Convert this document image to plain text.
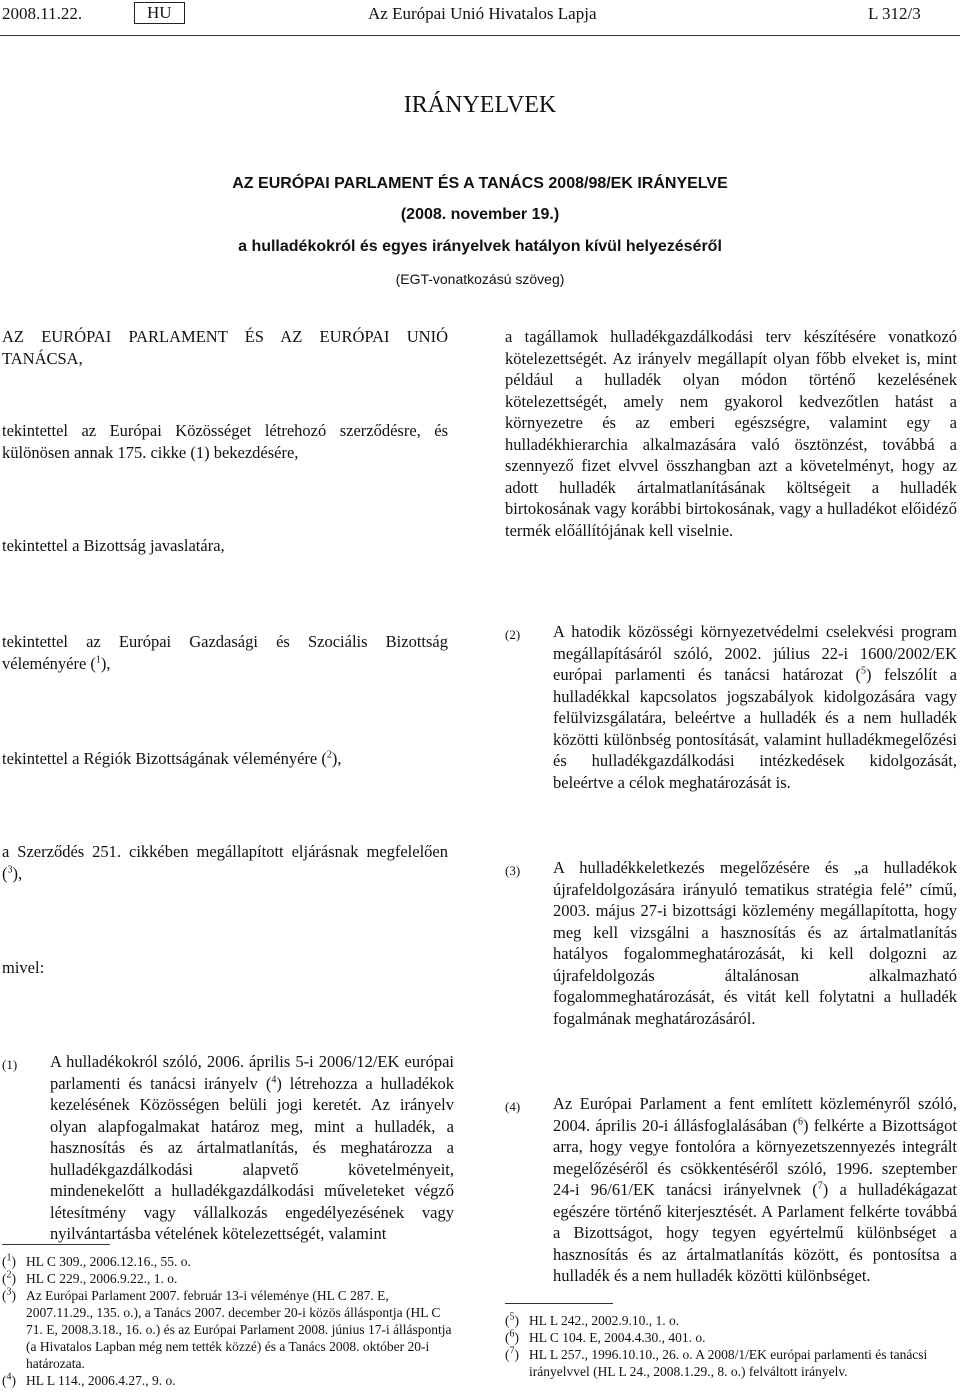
2008.11.22.	HU	Az Európai Unió Hivatalos Lapja	L 312/3
IRÁNYELVEK
AZ EURÓPAI PARLAMENT ÉS A TANÁCS 2008/98/EK IRÁNYELVE
(2008. november 19.)
a hulladékokról és egyes irányelvek hatályon kívül helyezéséről
(EGT-vonatkozású szöveg)
AZ EURÓPAI PARLAMENT ÉS AZ EURÓPAI UNIÓ TANÁCSA,
tekintettel az Európai Közösséget létrehozó szerződésre, és különösen annak 175. cikke (1) bekezdésére,
tekintettel a Bizottság javaslatára,
tekintettel az Európai Gazdasági és Szociális Bizottság véleményére ($^1$),
tekintettel a Régiók Bizottságának véleményére ($^2$),
a Szerződés 251. cikkében megállapított eljárásnak megfelelően ($^3$),
mivel:
(1) A hulladékokról szóló, 2006. április 5-i 2006/12/EK európai parlamenti és tanácsi irányelv ($^4$) létrehozza a hulladékok kezelésének Közösségen belüli jogi keretét. Az irányelv olyan alapfogalmakat határoz meg, mint a hulladék, a hasznosítás és az ártalmatlanítás, és meghatározza a hulladékgazdálkodási alapvető követelményeit, mindenekelőtt a hulladékgazdálkodási műveleteket végző létesítmény vagy vállalkozás engedélyezésének vagy nyilvántartásba vételének kötelezettségét, valamint
($^1$) HL C 309., 2006.12.16., 55. o.
($^2$) HL C 229., 2006.9.22., 1. o.
($^3$) Az Európai Parlament 2007. február 13-i véleménye (HL C 287. E, 2007.11.29., 135. o.), a Tanács 2007. december 20-i közös álláspontja (HL C 71. E, 2008.3.18., 16. o.) és az Európai Parlament 2008. június 17-i álláspontja (a Hivatalos Lapban még nem tették közzé) és a Tanács 2008. október 20-i határozata.
($^4$) HL L 114., 2006.4.27., 9. o.
a tagállamok hulladékgazdálkodási terv készítésére vonatkozó kötelezettségét. Az irányelv megállapít olyan főbb elveket is, mint például a hulladék olyan módon történő kezelésének kötelezettségét, amely nem gyakorol kedvezőtlen hatást a környezetre és az emberi egészségre, valamint egy a hulladékhierarchia alkalmazására való ösztönzést, továbbá a szennyező fizet elvvel összhangban azt a követelményt, hogy az adott hulladék ártalmatlanításának költségeit a hulladék birtokosának vagy korábbi birtokosának, vagy a hulladékot előidéző termék előállítójának kell viselnie.
(2) A hatodik közösségi környezetvédelmi cselekvési program megállapításáról szóló, 2002. július 22-i 1600/2002/EK európai parlamenti és tanácsi határozat ($^5$) felszólít a hulladékkal kapcsolatos jogszabályok kidolgozására vagy felülvizsgálatára, beleértve a hulladék és a nem hulladék közötti különbség pontosítását, valamint hulladékmegelőzési és hulladékgazdálkodási intézkedések kidolgozását, beleértve a célok meghatározását is.
(3) A hulladékkeletkezés megelőzésére és „a hulladékok újrafeldolgozására irányuló tematikus stratégia felé” című, 2003. május 27-i bizottsági közlemény megállapította, hogy meg kell vizsgálni a hasznosítás és az ártalmatlanítás hatályos fogalommeghatározását, ki kell dolgozni az újrafeldolgozás általánosan alkalmazható fogalommeghatározását, és vitát kell folytatni a hulladék fogalmának meghatározásáról.
(4) Az Európai Parlament a fent említett közleményről szóló, 2004. április 20-i állásfoglalásában ($^6$) felkérte a Bizottságot arra, hogy vegye fontolóra a környezetszennyezés integrált megelőzéséről és csökkentéséről szóló, 1996. szeptember 24-i 96/61/EK tanácsi irányelvnek ($^7$) a hulladékágazat egészére történő kiterjesztését. A Parlament felkérte továbbá a Bizottságot, hogy tegyen egyértelmű különbséget a hasznosítás és az ártalmatlanítás között, és pontosítsa a hulladék és a nem hulladék közötti különbséget.
($^5$) HL L 242., 2002.9.10., 1. o.
($^6$) HL C 104. E, 2004.4.30., 401. o.
($^7$) HL L 257., 1996.10.10., 26. o. A 2008/1/EK európai parlamenti és tanácsi irányelvvel (HL L 24., 2008.1.29., 8. o.) felváltott irányelv.
